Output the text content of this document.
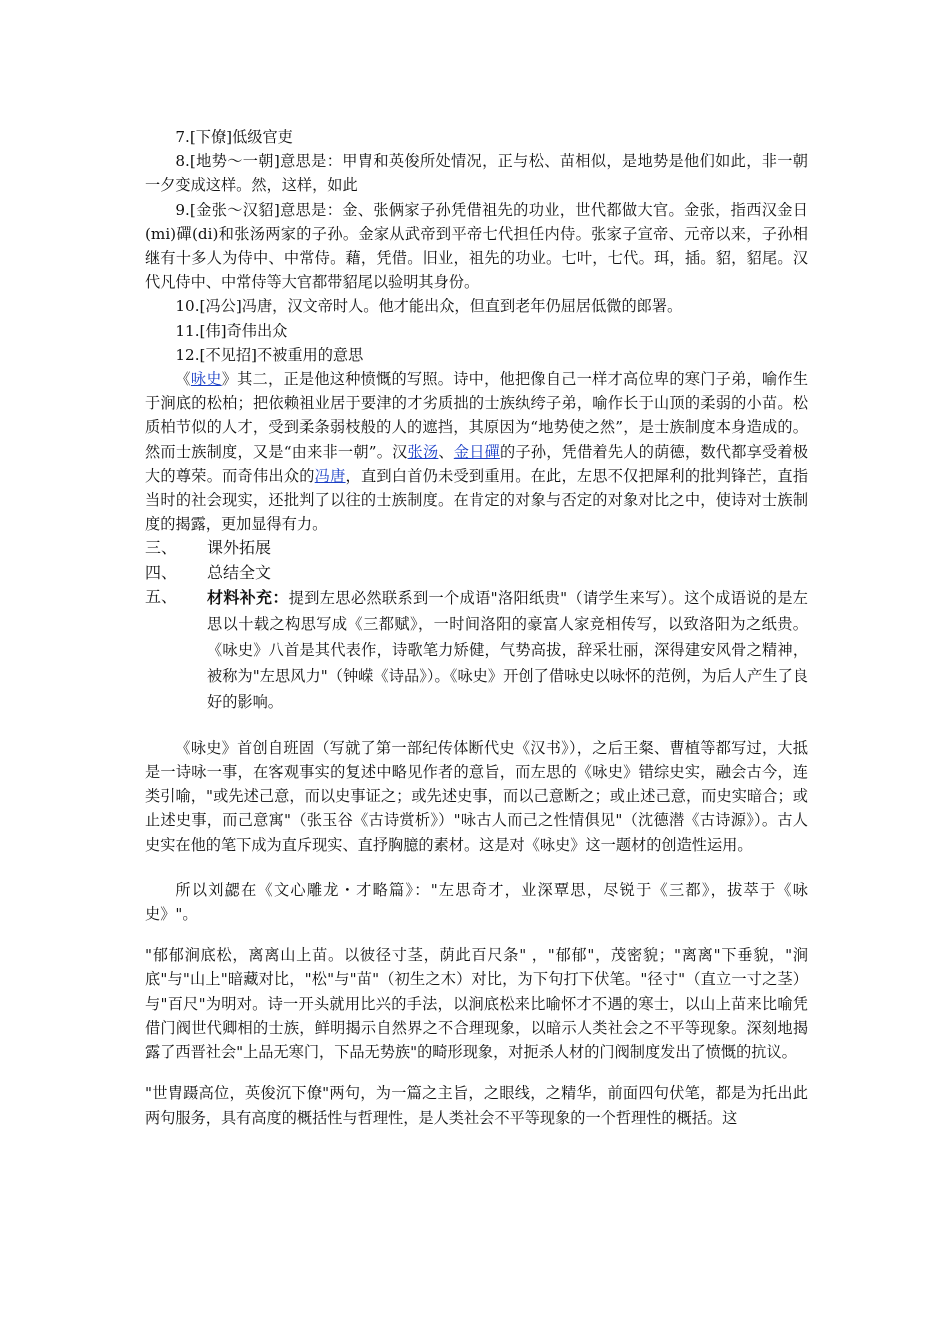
7.[下僚]低级官吏

8.[地势～一朝]意思是：甲胄和英俊所处情况，正与松、苗相似，是地势是他们如此，非一朝一夕变成这样。然，这样，如此

9.[金张～汉貂]意思是：金、张俩家子孙凭借祖先的功业，世代都做大官。金张，指西汉金日(mi)磾(di)和张汤两家的子孙。金家从武帝到平帝七代担任内侍。张家子宣帝、元帝以来，子孙相继有十多人为侍中、中常侍。藉，凭借。旧业，祖先的功业。七叶，七代。珥，插。貂，貂尾。汉代凡侍中、中常侍等大官都带貂尾以验明其身份。

10.[冯公]冯唐，汉文帝时人。他才能出众，但直到老年仍屈居低微的郎署。

11.[伟]奇伟出众

12.[不见招]不被重用的意思

《咏史》其二，正是他这种愤慨的写照。诗中，他把像自己一样才高位卑的寒门子弟，喻作生于涧底的松柏；把依赖祖业居于要津的才劣质拙的士族纨绔子弟，喻作长于山顶的柔弱的小苗。松质柏节似的人才，受到柔条弱枝般的人的遮挡，其原因为“地势使之然”，是士族制度本身造成的。然而士族制度，又是“由来非一朝”。汉张汤、金日磾的子孙，凭借着先人的荫德，数代都享受着极大的尊荣。而奇伟出众的冯唐，直到白首仍未受到重用。在此，左思不仅把犀利的批判锋芒，直指当时的社会现实，还批判了以往的士族制度。在肯定的对象与否定的对象对比之中，使诗对士族制度的揭露，更加显得有力。

三、	课外拓展
四、	总结全文
五、	材料补充：提到左思必然联系到一个成语"洛阳纸贵"（请学生来写）。这个成语说的是左思以十载之构思写成《三都赋》，一时间洛阳的豪富人家竞相传写，以致洛阳为之纸贵。《咏史》八首是其代表作，诗歌笔力矫健，气势高拔，辞采壮丽，深得建安风骨之精神，被称为"左思风力"（钟嵘《诗品》）。《咏史》开创了借咏史以咏怀的范例，为后人产生了良好的影响。

《咏史》首创自班固（写就了第一部纪传体断代史《汉书》），之后王粲、曹植等都写过，大抵是一诗咏一事，在客观事实的复述中略见作者的意旨，而左思的《咏史》错综史实，融会古今，连类引喻，"或先述己意，而以史事证之；或先述史事，而以己意断之；或止述己意，而史实暗合；或止述史事，而己意寓"（张玉谷《古诗赏析》）"咏古人而己之性情俱见"（沈德潜《古诗源》）。古人史实在他的笔下成为直斥现实、直抒胸臆的素材。这是对《咏史》这一题材的创造性运用。

所以刘勰在《文心雕龙・才略篇》："左思奇才，业深覃思，尽锐于《三都》，拔萃于《咏史》"。

"郁郁涧底松，离离山上苗。以彼径寸茎，荫此百尺条" ，"郁郁"，茂密貌；"离离"下垂貌，"涧底"与"山上"暗藏对比，"松"与"苗"（初生之木）对比，为下句打下伏笔。"径寸"（直立一寸之茎）与"百尺"为明对。诗一开头就用比兴的手法，以涧底松来比喻怀才不遇的寒士，以山上苗来比喻凭借门阀世代卿相的士族，鲜明揭示自然界之不合理现象，以暗示人类社会之不平等现象。深刻地揭露了西晋社会"上品无寒门，下品无势族"的畸形现象，对扼杀人材的门阀制度发出了愤慨的抗议。

"世胄蹑高位，英俊沉下僚"两句，为一篇之主旨，之眼线，之精华，前面四句伏笔，都是为托出此两句服务，具有高度的概括性与哲理性，是人类社会不平等现象的一个哲理性的概括。这
